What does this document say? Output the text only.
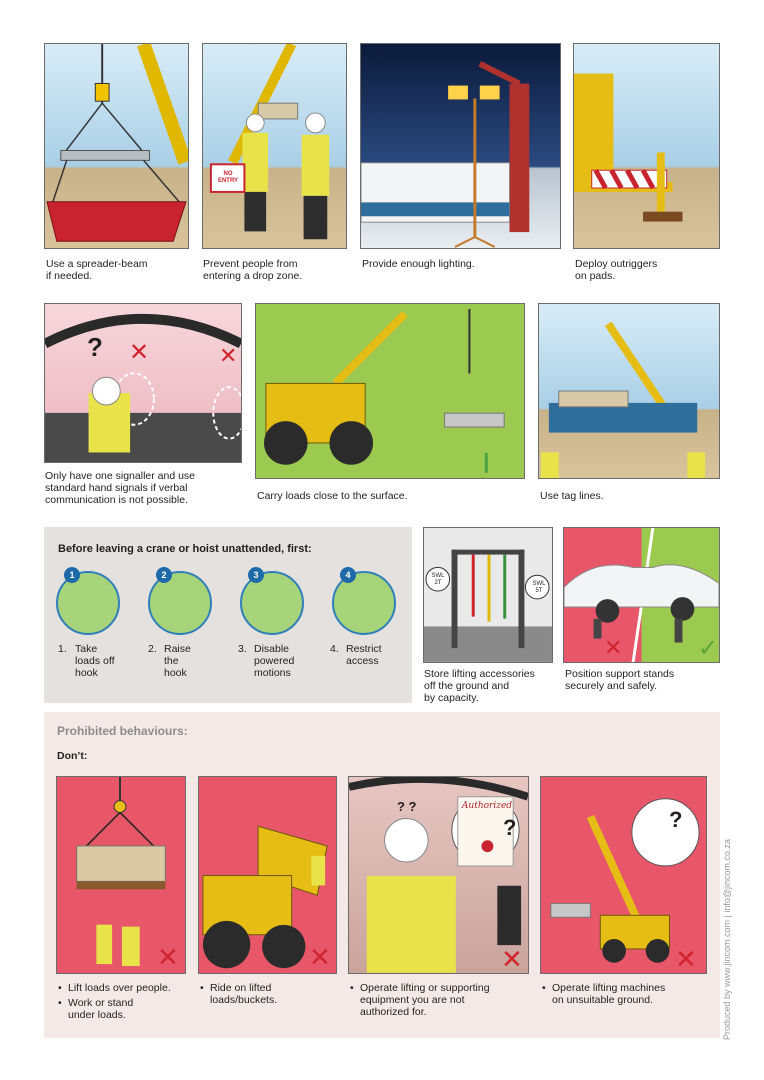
Use a spreader-beam
if needed.
NO
ENTRY
Prevent people from
entering a drop zone.
Provide enough lighting.	Deploy outriggers
on pads.
? ✕	✕
Only have one signaller and use
standard hand signals if verbal
communication is not possible.	Carry loads close to the surface.	Use tag lines.
Before leaving a crane or hoist unattended, first:
1
1. Take
loads off
hook
2
2. Raise
the
hook
3
3. Disable
powered
motions
4
4. Restrict
access
SWL
2T	SWL
5T
Store lifting accessories
off the ground and
by capacity.
✕	✓
Position support stands
securely and safely.
Prohibited behaviours:
Don’t:
✕
• Lift loads over people.
• Work or stand
under loads.
✕
• Ride on lifted
loads/buckets.
Authorized
?
? ?
✕
• Operate lifting or supporting
equipment you are not
authorized for.
?
✕
• Operate lifting machines
on unsuitable ground.	Produced by www.jincom.com | info@jincom.co.za
